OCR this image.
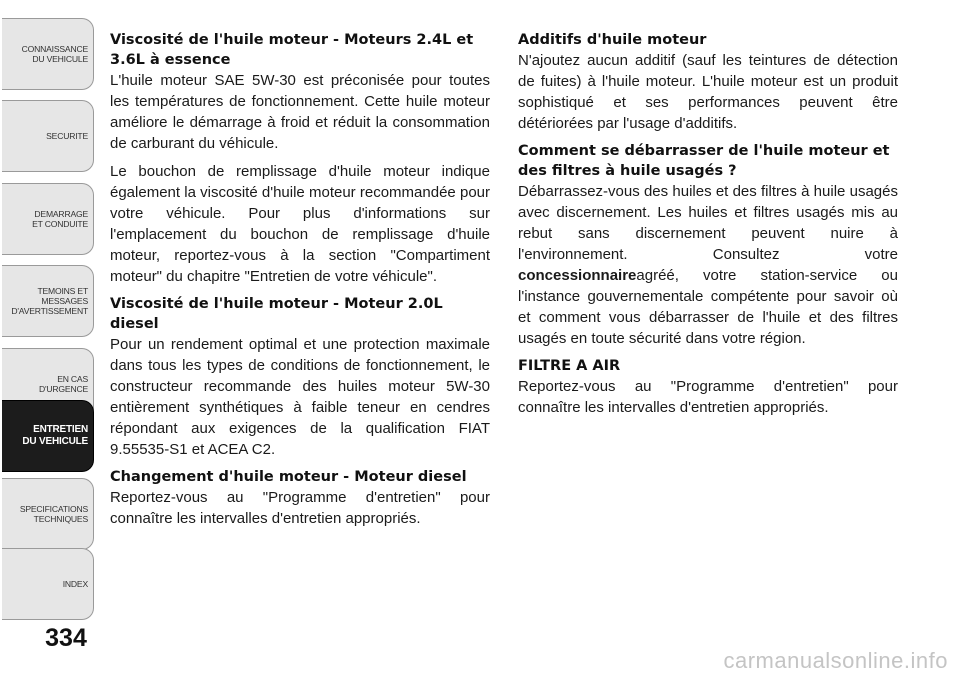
CONNAISSANCE
DU VEHICULE
SECURITE
DEMARRAGE
ET CONDUITE
TEMOINS ET
MESSAGES
D'AVERTISSEMENT
EN CAS
D'URGENCE
ENTRETIEN
DU VEHICULE
SPECIFICATIONS
TECHNIQUES
INDEX
334

Viscosité de l'huile moteur - Moteurs 2.4L et 3.6L à essence

L'huile moteur SAE 5W-30 est préconisée pour toutes les températures de fonctionnement. Cette huile moteur améliore le démarrage à froid et réduit la consommation de carburant du véhicule.

Le bouchon de remplissage d'huile moteur indique également la viscosité d'huile moteur recommandée pour votre véhicule. Pour plus d'informations sur l'emplacement du bouchon de remplissage d'huile moteur, reportez-vous à la section "Compartiment moteur" du chapitre "Entretien de votre véhicule".

Viscosité de l'huile moteur - Moteur 2.0L diesel

Pour un rendement optimal et une protection maximale dans tous les types de conditions de fonctionnement, le constructeur recommande des huiles moteur 5W-30 entièrement synthétiques à faible teneur en cendres répondant aux exigences de la qualification FIAT 9.55535-S1 et ACEA C2.

Changement d'huile moteur - Moteur diesel

Reportez-vous au "Programme d'entretien" pour connaître les intervalles d'entretien appropriés.

Additifs d'huile moteur

N'ajoutez aucun additif (sauf les teintures de détection de fuites) à l'huile moteur. L'huile moteur est un produit sophistiqué et ses performances peuvent être détériorées par l'usage d'additifs.

Comment se débarrasser de l'huile moteur et des filtres à huile usagés ?

Débarrassez-vous des huiles et des filtres à huile usagés avec discernement. Les huiles et filtres usagés mis au rebut sans discernement peuvent nuire à l'environnement. Consultez votre concessionnaireagréé, votre station-service ou l'instance gouvernementale compétente pour savoir où et comment vous débarrasser de l'huile et des filtres usagés en toute sécurité dans votre région.

FILTRE A AIR

Reportez-vous au "Programme d'entretien" pour connaître les intervalles d'entretien appropriés.

carmanualsonline.info
